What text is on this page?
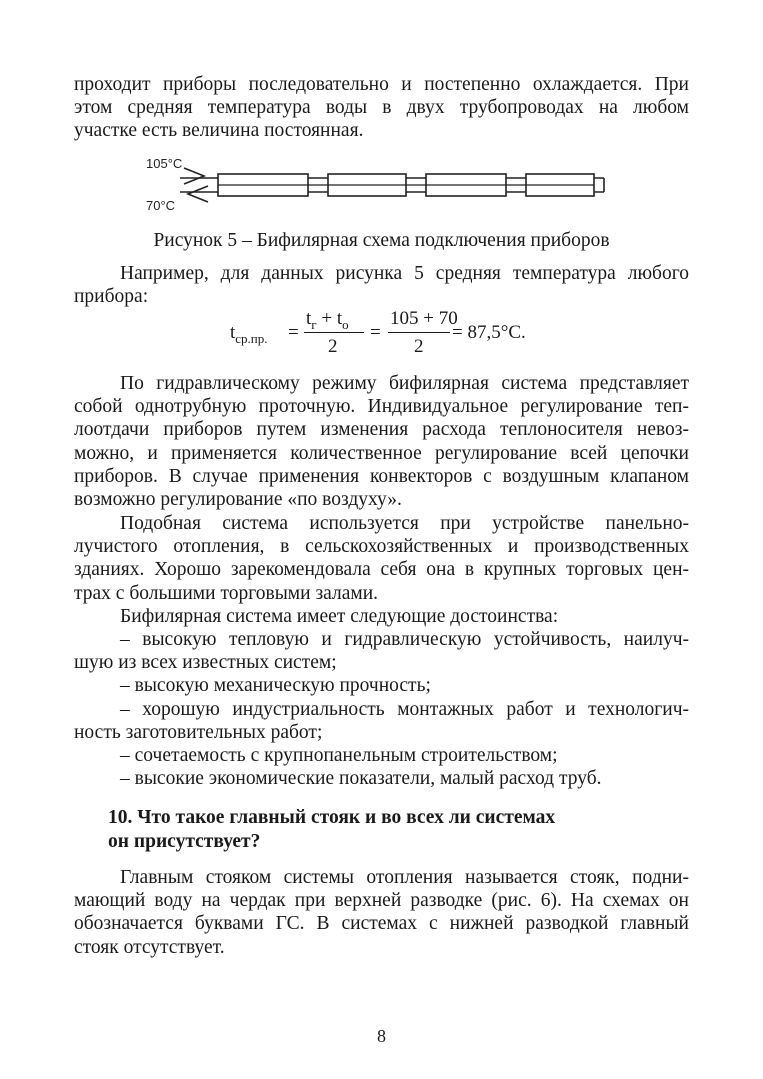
проходит приборы последовательно и постепенно охлаждается. При
этом средняя температура воды в двух трубопроводах на любом
участке есть величина постоянная.
105°C
70°C

Рисунок 5 – Бифилярная схема подключения приборов

Например, для данных рисунка 5 средняя температура любого
прибора:
$t_{ср.пр.}$ =
$t_г + t_о$
2
=
105 + 70
2
= 87,5°C.
По гидравлическому режиму бифилярная система представляет
собой однотрубную проточную. Индивидуальное регулирование теп-
лоотдачи приборов путем изменения расхода теплоносителя невоз-
можно, и применяется количественное регулирование всей цепочки
приборов. В случае применения конвекторов с воздушным клапаном
возможно регулирование «по воздуху».
Подобная система используется при устройстве панельно-
лучистого отопления, в сельскохозяйственных и производственных
зданиях. Хорошо зарекомендовала себя она в крупных торговых цен-
трах с большими торговыми залами.
Бифилярная система имеет следующие достоинства:
– высокую тепловую и гидравлическую устойчивость, наилуч-
шую из всех известных систем;
– высокую механическую прочность;
– хорошую индустриальность монтажных работ и технологич-
ность заготовительных работ;
– сочетаемость с крупнопанельным строительством;
– высокие экономические показатели, малый расход труб.
10. Что такое главный стояк и во всех ли системах
он присутствует?
Главным стояком системы отопления называется стояк, подни-
мающий воду на чердак при верхней разводке (рис. 6). На схемах он
обозначается буквами ГС. В системах с нижней разводкой главный
стояк отсутствует.
8
